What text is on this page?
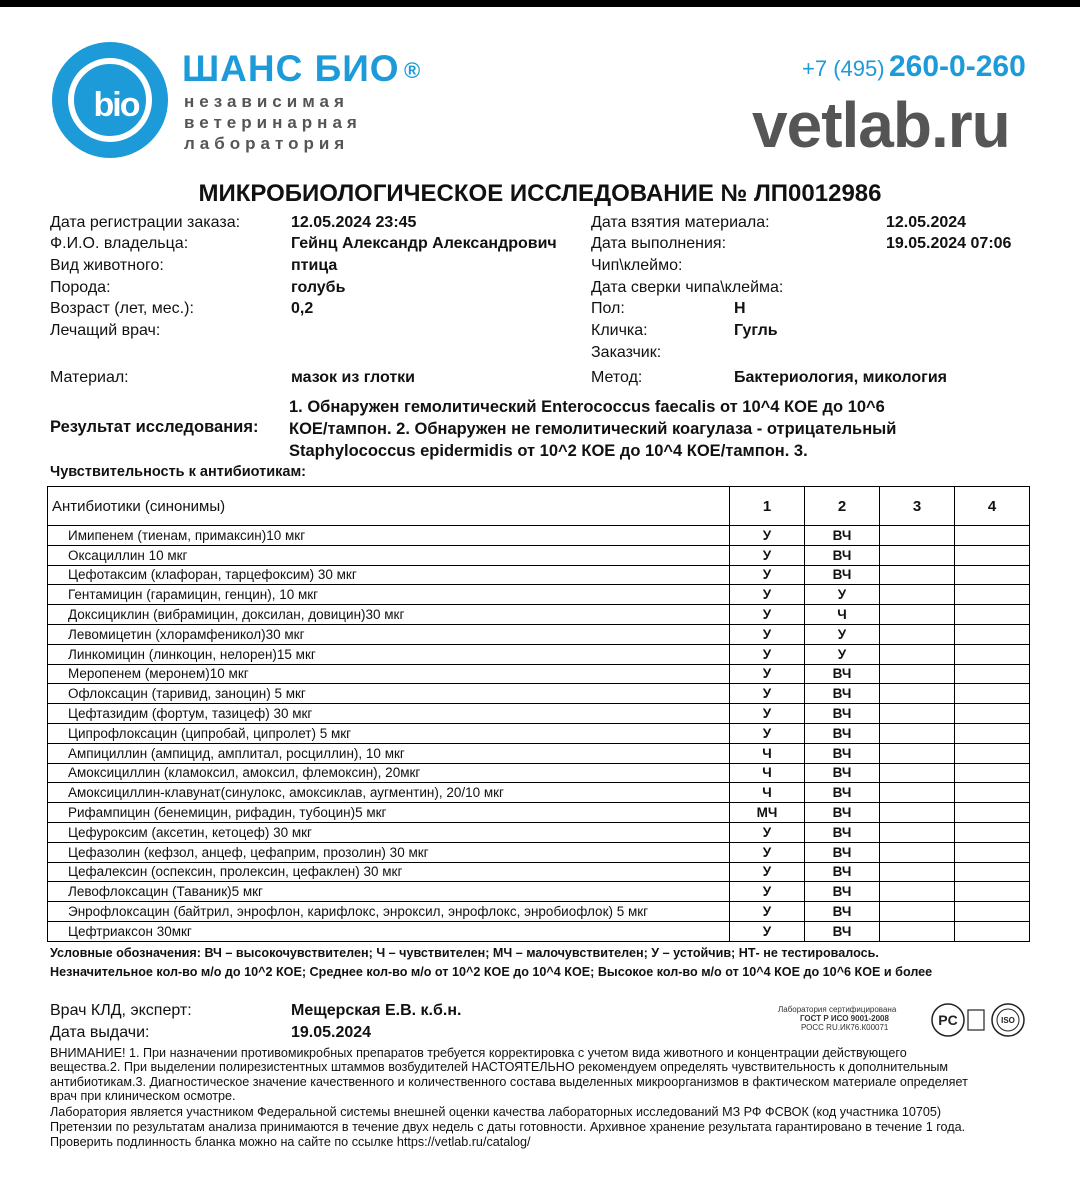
bio
ШАНС БИО ®
независимая
ветеринарная
лаборатория
+7 (495) 260-0-260
vetlab.ru
МИКРОБИОЛОГИЧЕСКОЕ ИССЛЕДОВАНИЕ № ЛП0012986
Дата регистрации заказа:	12.05.2024 23:45
Ф.И.О. владельца:	Гейнц Александр Александрович
Вид животного:	птица
Порода:	голубь
Возраст (лет, мес.):	0,2
Лечащий врач:
Дата взятия материала:	12.05.2024
Дата выполнения:	19.05.2024 07:06
Чип\клеймо:
Дата сверки чипа\клейма:
Пол:	Н
Кличка:	Гугль
Заказчик:
Материал:	мазок из глотки	Метод:	Бактериология, микология
Результат исследования:
1. Обнаружен гемолитический Enterococcus faecalis от 10^4 КОЕ до 10^6
КОЕ/тампон. 2. Обнаружен не гемолитический коагулаза - отрицательный
Staphylococcus epidermidis от 10^2 КОЕ до 10^4 КОЕ/тампон. 3.
Чувствительность к антибиотикам:
Антибиотики (синонимы)	1	2	3	4
Имипенем (тиенам, примаксин)10 мкг	У	ВЧ		
Оксациллин 10 мкг	У	ВЧ		
Цефотаксим (клафоран, тарцефоксим) 30 мкг	У	ВЧ		
Гентамицин (гарамицин, генцин), 10 мкг	У	У		
Доксициклин (вибрамицин, доксилан, довицин)30 мкг	У	Ч		
Левомицетин (хлорамфеникол)30 мкг	У	У		
Линкомицин (линкоцин, нелорен)15 мкг	У	У		
Меропенем (меронем)10 мкг	У	ВЧ		
Офлоксацин (таривид, заноцин) 5 мкг	У	ВЧ		
Цефтазидим (фортум, тазицеф) 30 мкг	У	ВЧ		
Ципрофлоксацин (ципробай, ципролет) 5 мкг	У	ВЧ		
Ампициллин (ампицид, амплитал, росциллин), 10 мкг	Ч	ВЧ		
Амоксициллин (кламоксил, амоксил, флемоксин), 20мкг	Ч	ВЧ		
Амоксициллин-клавунат(синулокс, амоксиклав, аугментин), 20/10 мкг	Ч	ВЧ		
Рифампицин (бенемицин, рифадин, тубоцин)5 мкг	МЧ	ВЧ		
Цефуроксим (аксетин, кетоцеф) 30 мкг	У	ВЧ		
Цефазолин (кефзол, анцеф, цефаприм, прозолин) 30 мкг	У	ВЧ		
Цефалексин (оспексин, пролексин, цефаклен) 30 мкг	У	ВЧ		
Левофлоксацин (Таваник)5 мкг	У	ВЧ		
Энрофлоксацин (байтрил, энрофлон, карифлокс, энроксил, энрофлокс, энробиофлок) 5 мкг	У	ВЧ		
Цефтриаксон 30мкг	У	ВЧ		
Условные обозначения: ВЧ – высокочувствителен; Ч – чувствителен; МЧ – малочувствителен; У – устойчив; НТ- не тестировалось.
Незначительное кол-во м/о до 10^2 КОЕ; Среднее кол-во м/о от 10^2 КОЕ до 10^4 КОЕ; Высокое кол-во м/о от 10^4 КОЕ до 10^6 КОЕ и более
Врач КЛД, эксперт:	Мещерская Е.В. к.б.н.
Дата выдачи:	19.05.2024
Лаборатория сертифицирована
ГОСТ Р ИСО 9001-2008
РОСС RU.ИК76.К00071	PC	ISO
ВНИМАНИЕ! 1. При назначении противомикробных препаратов требуется корректировка с учетом вида животного и концентрации действующего
вещества.2. При выделении полирезистентных штаммов возбудителей НАСТОЯТЕЛЬНО рекомендуем определять чувствительность к дополнительным
антибиотикам.3. Диагностическое значение качественного и количественного состава выделенных микроорганизмов в фактическом материале определяет
врач при клиническом осмотре.
Лаборатория является участником Федеральной системы внешней оценки качества лабораторных исследований МЗ РФ ФСВОК (код участника 10705)
Претензии по результатам анализа принимаются в течение двух недель с даты готовности. Архивное хранение результата гарантировано в течение 1 года.
Проверить подлинность бланка можно на сайте по ссылке https://vetlab.ru/catalog/
